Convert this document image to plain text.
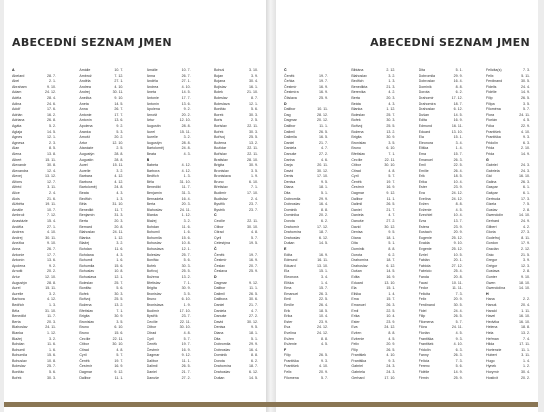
ABECEDNÍ SEZNAM JMEN
A
Abelard	28. 7.
Abel	2. 1.
Abraham	9. 10.
Adam	24. 12.
Adéla	28. 4.
Adina	24. 6.
Adolf	17. 6.
Adrián	16. 2.
Adriana	26. 8.
Agáta	5. 2.
Aglaja	14. 5.
Agnes	12. 1.
Agnesa	2. 3.
Alan	8. 5.
Alena	13. 8.
Albert	15. 11.
Alexandr	30. 8.
Alexandra	12. 4.
Alexej	13. 12.
Alfons	12. 7.
Alfréd	3. 11.
Alice	2. 4.
Alois	21. 6.
Alžběta	19. 11.
Amálie	10. 7.
Ambrož	7. 12.
Anastázie	15. 4.
Anděla	27. 1.
Andrea	4. 10.
Andrej	30. 11.
Anežka	9. 10.
Anna	26. 7.
Antonie	17. 7.
Antonín	13. 6.
Apolena	9. 2.
Arnošt	20. 2.
Artur	12. 10.
Augustýn	28. 8.
Aurel	15. 11.
Aurelie	3. 2.
Barbora	4. 12.
Bedřich	1. 3.
Běla	31. 10.
Benedikt	11. 7.
Berta	20. 3.
Blahoslav	24. 11.
Blanka	1. 12.
Blažej	3. 2.
Bohdan	11. 6.
Bohumil	1. 6.
Bohumila	15. 6.
Bohuslav	10. 8.
Boleslav	25. 7.
Bonifác	5. 6.
Bořek	30. 3.
Amálie	10. 7.
Ambrož	7. 12.
Anděla	27. 1.
Andrea	4. 10.
Andrej	30. 11.
Anežka	9. 10.
Aneta	14. 5.
Anna	26. 7.
Antonie	17. 7.
Antonín	13. 6.
Apolena	9. 2.
Aranka	5. 3.
Arnošt	20. 2.
Artur	12. 10.
Atanázie	2. 5.
Augustýn	28. 8.
Augustin	28. 8.
Aurel	15. 11.
Aurelie	3. 2.
Barbara	4. 12.
Barbora	4. 12.
Bartoloměj	24. 8.
Beata	4. 3.
Bedřich	1. 3.
Běla	31. 10.
Benedikt	11. 7.
Benjamín	31. 3.
Berta	20. 3.
Bernard	20. 8.
Blahoslav	24. 11.
Blanka	1. 12.
Blažej	3. 2.
Bohdan	11. 6.
Bohdana	4. 3.
Bohumil	1. 6.
Bohumila	15. 6.
Bohuslav	10. 8.
Bohuslava	12. 1.
Boleslav	25. 7.
Bonifác	5. 6.
Bořek	30. 3.
Bořivoj	25. 5.
Božena	13. 2.
Břetislav	7. 1.
Brigita	30. 9.
Bronislav	3. 5.
Bruno	6. 10.
Bruno	15. 6.
Cecílie	22. 11.
Ctibor	30. 10.
Ctirad	4. 8.
Cyril	5. 7.
Čeněk	19. 7.
Čestmír	16. 9.
Dagmar	9. 12.
Dalibor	11. 1.
Amálie	10. 7.
Anna	26. 7.
Anděla	27. 1.
Andrea	4. 10.
Aneta	14. 5.
Antonie	17. 7.
Antonín	13. 6.
Apolena	9. 2.
Arnošt	20. 2.
Artur	12. 10.
Augustin	28. 8.
Aurel	15. 11.
Aurelie	3. 2.
Augustýn	28. 8.
Bartoloměj	24. 8.
Beata	4. 3.
B
Babeta	4. 12.
Barbora	4. 12.
Bedřich	1. 3.
Běla	31. 10.
Benedikt	11. 7.
Benjamín	31. 3.
Bernadeta	16. 4.
Berta	20. 3.
Blahoslav	24. 11.
Blanka	1. 12.
Blažej	3. 2.
Bohdan	11. 6.
Bohumil	1. 6.
Bohumila	15. 6.
Bohuslav	10. 8.
Bohuslava	12. 1.
Boleslav	25. 7.
Bonifác	5. 6.
Bořek	30. 3.
Bořivoj	25. 5.
Božena	13. 2.
Břetislav	7. 1.
Brigita	30. 9.
Bronislav	3. 5.
Bruno	6. 10.
Bronislava	1. 9.
Budimír	17. 10.
Bystřík	23. 7.
Cecílie	22. 11.
Ctibor	30. 10.
Ctirad	4. 8.
Cyril	5. 7.
Čeněk	19. 7.
Čestmír	16. 9.
Dagmar	9. 12.
Dalibor	11. 1.
Dalimil	26. 5.
Daniel	21. 7.
Danuše	27. 2.
Bohuš	3. 10.
Bojan	3. 9.
Bojana	30. 4.
Bojislav	16. 1.
Bolek	21. 10.
Boleslav	8. 7.
Boleslava	12. 1.
Bonifác	5. 6.
Borek	30. 3.
Boris	2. 5.
Borislav	22. 11.
Bořek	30. 3.
Bořivoj	25. 5.
Božena	13. 2.
Bożidar	22. 11.
Bořislav	22. 11.
Bratislav	28. 10.
Brigita	30. 9.
Bronislav	3. 5.
Bronislava	1. 9.
Bruno	6. 10.
Břetislav	7. 1.
Budimír	17. 10.
Budislav	2. 4.
Bystřík	23. 7.
Bystrík	23. 7.
C
Cecílie	22. 11.
Ctibor	30. 10.
Ctirad	4. 8.
Cyril	5. 7.
Celestýna	19. 5.
Č
Čeněk	19. 7.
Čestmír	16. 9.
Česlav	20. 7.
Česlava	25. 9.
D
Dagmar	9. 12.
Dalibor	11. 1.
Dalimil	26. 5.
Dalibora	30. 6.
Daniel	21. 7.
Daniela	4. 7.
Danuše	27. 2.
David	30. 12.
Denisa	9. 5.
Diana	18. 1.
Dita	5. 1.
Dobromila	29. 9.
Dobroslav	16. 4.
Dominik	8. 8.
Dorota	6. 2.
Drahomíra	18. 7.
Drahoslav	6. 12.
Dušan	14. 5.
ABECEDNÍ SEZNAM JMEN
Č
Čeněk	19. 7.
Čeňka	19. 7.
Čestmír	16. 9.
Čestmíra	16. 9.
Čtislava	25. 9.
D
Dalibor	10. 11.
Dag	28. 12.
Dagmar	20. 12.
Dalibor	11. 1.
Dalimil	26. 5.
Dalimila	16. 5.
Daniel	21. 7.
Daniela	4. 7.
Danuše	27. 2.
Darina	4. 6.
Darja	20. 11.
David	30. 12.
Denis	17. 10.
Denisa	9. 5.
Diana	18. 1.
Dita	5. 1.
Dobromila	29. 9.
Dobroslav	16. 4.
Dominik	8. 8.
Dominika	20. 2.
Dorota	6. 2.
Drahomír	17. 12.
Drahomíra	18. 7.
Drahoslav	6. 12.
Dušan	14. 5.
E
Edita	16. 9.
Edmund	16. 11.
Eduard	13. 10.
Ela	15. 1.
Eleonora	3. 4.
Eliška	1. 4.
Ema	15. 7.
Emanuel	26. 3.
Emil	22. 5.
Emílie	26. 4.
Erik	18. 5.
Erika	10. 4.
Ester	23. 9.
Eva	24. 12.
Evelína	24. 12.
Evžen	8. 8.
Evženie	4. 5.
F
Filip	26. 5.
Františka	9. 3.
František	4. 10.
Felix	20. 9.
Filomena	5. 7.
Bibiána	2. 12.
Blahoslav	3. 2.
Bedřich	1. 3.
Benedikta	21. 3.
Berenika	4. 2.
Berta	20. 3.
Beáta	4. 3.
Blanka	1. 12.
Boleslav	25. 7.
Bořek	30. 3.
Bořivoj	25. 5.
Božena	13. 2.
Brigita	30. 9.
Bronislav	3. 5.
Bruno	6. 10.
Břetislav	7. 1.
Cecílie	22. 11.
Ctibor	30. 10.
Ctirad	4. 8.
Cyril	5. 7.
Čeněk	19. 7.
Čestmír	16. 9.
Dagmar	9. 12.
Dalibor	11. 1.
Dalimil	26. 5.
Daniel	21. 7.
Daniela	4. 7.
Danuše	27. 2.
David	30. 12.
Denisa	9. 5.
Diana	18. 1.
Dita	5. 1.
Dominik	8. 8.
Dorota	6. 2.
Drahomíra	18. 7.
Drahoslav	6. 12.
Dušan	14. 5.
Edita	16. 9.
Eduard	13. 10.
Ela	15. 1.
Eliška	1. 4.
Ema	15. 7.
Emanuel	26. 3.
Emil	22. 5.
Erika	10. 4.
Ester	23. 9.
Eva	24. 12.
Evžen	8. 8.
Evženie	4. 5.
Felix	20. 9.
Filip	26. 5.
František	4. 10.
Františka	9. 3.
Gabriel	24. 3.
Gabriela	24. 3.
Gerhard	17. 10.
Dita	5. 1.
Dobromila	29. 9.
Dobroslav	16. 4.
Dominik	8. 8.
Dorota	6. 2.
Drahomír	17. 12.
Drahomíra	18. 7.
Drahoslav	6. 12.
Dušan	14. 5.
Edita	16. 9.
Edmund	16. 11.
Eduard	13. 10.
Ela	15. 1.
Eleonora	3. 4.
Eliška	1. 4.
Ema	15. 7.
Emanuel	26. 3.
Emil	22. 5.
Emílie	26. 4.
Erik	18. 5.
Erika	10. 4.
Ester	23. 9.
Eva	24. 12.
Evelína	24. 12.
Evžen	8. 8.
Evženie	4. 5.
Ezechiel	10. 4.
Ezra	13. 7.
Estera	23. 9.
Eustach	20. 9.
Eugenie	25. 12.
Evalda	9. 10.
Evgenie	25. 12.
Ezriel	10. 5.
Fabián	20. 1.
Fabiola	27. 12.
Fabricio	25. 4.
Fanda	20. 8.
Faust	10. 11.
Fedor	11. 11.
Felicita	7. 3.
Felix	20. 9.
Ferdinand	30. 5.
Fidel	24. 4.
Filip	26. 5.
Filomena	5. 7.
Flóra	24. 11.
Florián	4. 5.
Františka	9. 3.
František	4. 10.
Fridolín	6. 3.
Fanny	26. 3.
Felícia	7. 3.
Ferenc	5. 6.
Fidélie	14. 9.
Firmin	25. 9.
Felicita(s)	7. 3.
Felix	5. 11.
Ferdinand	30. 5.
Fidelis	24. 4.
Fidélie	14. 9.
Filip	26. 5.
Filipa	3. 5.
Filoména	5. 7.
Flora	24. 11.
Florián	4. 5.
Fóka	22. 9.
František	4. 10.
Františka	9. 3.
Fridolín	6. 3.
Frida	2. 10.
Frida	14. 9.
G
Gabriel	24. 3.
Gabriela	24. 3.
Gál	16. 10.
Galina	26. 3.
Gaspar	6. 1.
Gašpar	6. 1.
Gertruda	17. 3.
Gizela	7. 5.
Gustav	2. 8.
Gwendolín	14. 10.
Gerhard	24. 9.
Gilbert	4. 2.
Gloria	27. 3.
Godefroj	8. 11.
Gordon	17. 9.
Gracián	2. 12.
Grác	21. 5.
Gregor	3. 9.
Grégor	12. 3.
Gustava	2. 8.
Gunter	9. 10.
Gwen	18. 10.
Gwendolína	14. 10.
H
Hana	2. 2.
Hanuš	20. 4.
Harald	1. 11.
Havel	16. 10.
Hedvika	16. 10.
Helena	18. 8.
Hela	13. 2.
Heřman	7. 4.
Hilda	17. 11.
Hortenzie	11. 1.
Hubert	3. 11.
Hugo	1. 4.
Hynek	1. 2.
Horymír	30. 4.
Hostivít	20. 2.
